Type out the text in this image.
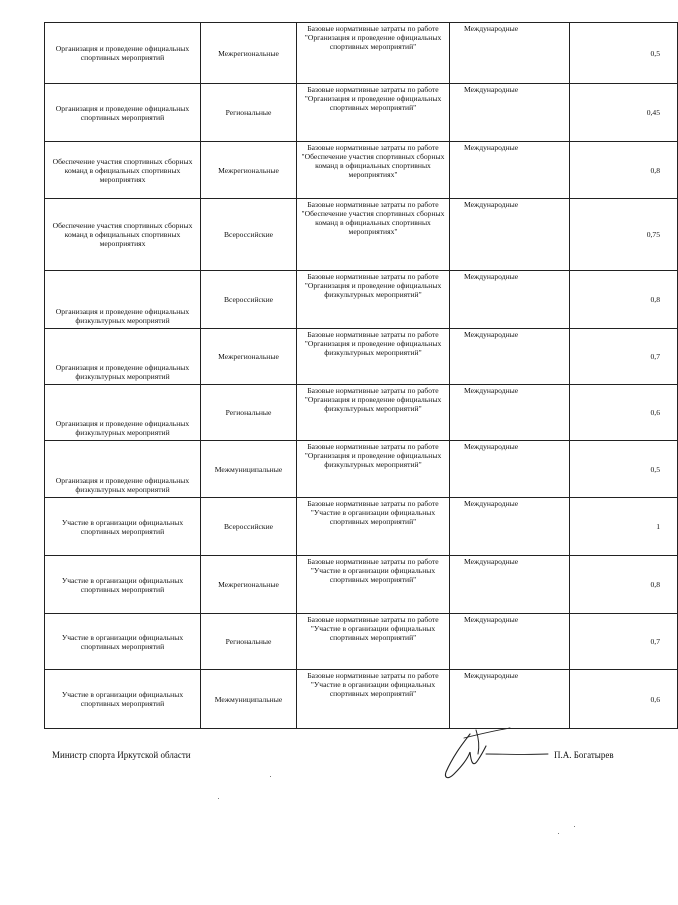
Организация и проведение официальных спортивных мероприятий	Межрегиональные	Базовые нормативные затраты по работе "Организация и проведение официальных спортивных мероприятий"	Международные	0,5
Организация и проведение официальных спортивных мероприятий	Региональные	Базовые нормативные затраты по работе "Организация и проведение официальных спортивных мероприятий"	Международные	0,45
Обеспечение участия спортивных сборных команд в официальных спортивных мероприятиях	Межрегиональные	Базовые нормативные затраты по работе "Обеспечение участия спортивных сборных команд в официальных спортивных мероприятиях"	Международные	0,8
Обеспечение участия спортивных сборных команд в официальных спортивных мероприятиях	Всероссийские	Базовые нормативные затраты по работе "Обеспечение участия спортивных сборных команд в официальных спортивных мероприятиях"	Международные	0,75
Организация и проведение официальных физкультурных мероприятий	Всероссийские	Базовые нормативные затраты по работе "Организация и проведение официальных физкультурных мероприятий"	Международные	0,8
Организация и проведение официальных физкультурных мероприятий	Межрегиональные	Базовые нормативные затраты по работе "Организация и проведение официальных физкультурных мероприятий"	Международные	0,7
Организация и проведение официальных физкультурных мероприятий	Региональные	Базовые нормативные затраты по работе "Организация и проведение официальных физкультурных мероприятий"	Международные	0,6
Организация и проведение официальных физкультурных мероприятий	Межмуниципальные	Базовые нормативные затраты по работе "Организация и проведение официальных физкультурных мероприятий"	Международные	0,5
Участие в организации официальных спортивных мероприятий	Всероссийские	Базовые нормативные затраты по работе "Участие в организации официальных спортивных мероприятий"	Международные	1
Участие в организации официальных спортивных мероприятий	Межрегиональные	Базовые нормативные затраты по работе "Участие в организации официальных спортивных мероприятий"	Международные	0,8
Участие в организации официальных спортивных мероприятий	Региональные	Базовые нормативные затраты по работе "Участие в организации официальных спортивных мероприятий"	Международные	0,7
Участие в организации официальных спортивных мероприятий	Межмуниципальные	Базовые нормативные затраты по работе "Участие в организации официальных спортивных мероприятий"	Международные	0,6
Министр спорта Иркутской области	П.А. Богатырев
